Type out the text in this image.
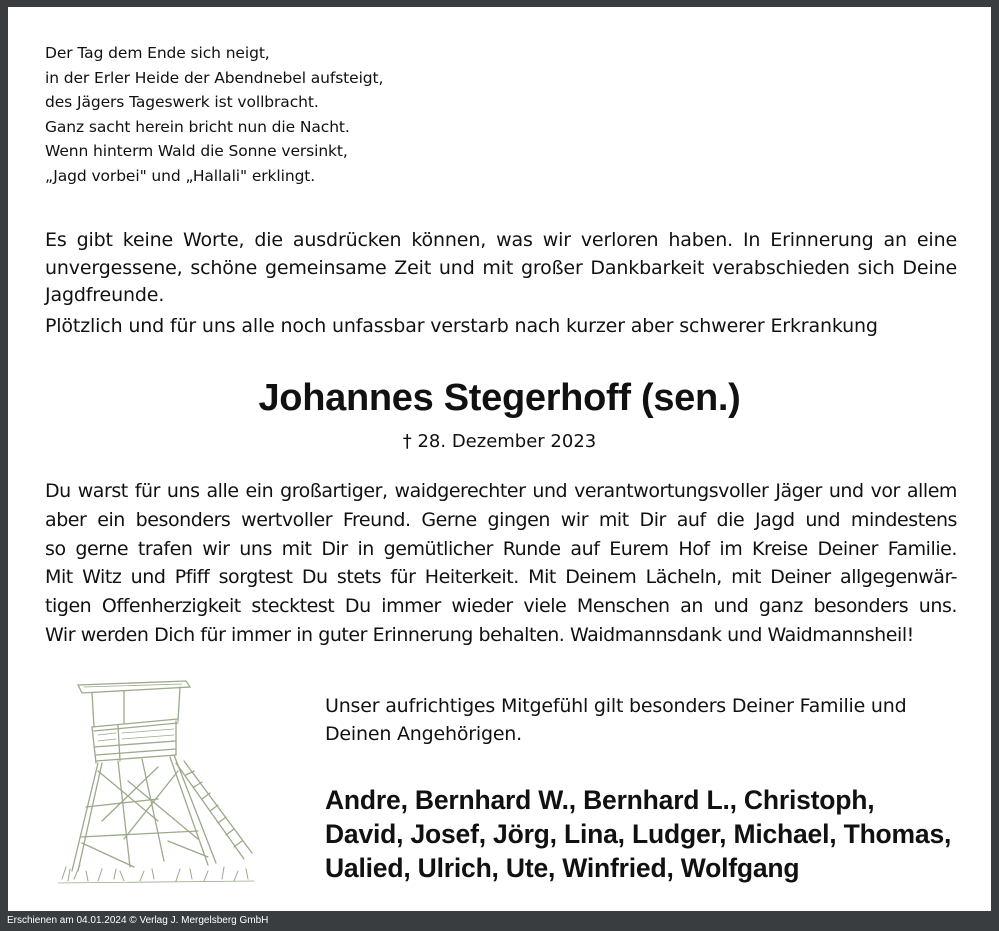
Der Tag dem Ende sich neigt,
in der Erler Heide der Abendnebel aufsteigt,
des Jägers Tageswerk ist vollbracht.
Ganz sacht herein bricht nun die Nacht.
Wenn hinterm Wald die Sonne versinkt,
„Jagd vorbei" und „Hallali" erklingt.

Es gibt keine Worte, die ausdrücken können, was wir verloren haben. In Erinnerung an eine unvergessene, schöne gemeinsame Zeit und mit großer Dankbarkeit verabschieden sich Deine Jagdfreunde.

Plötzlich und für uns alle noch unfassbar verstarb nach kurzer aber schwerer Erkrankung

Johannes Stegerhoff (sen.)
† 28. Dezember 2023
Du warst für uns alle ein großartiger, waidgerechter und verantwortungsvoller Jäger und vor allem
aber ein besonders wertvoller Freund. Gerne gingen wir mit Dir auf die Jagd und mindestens
so gerne trafen wir uns mit Dir in gemütlicher Runde auf Eurem Hof im Kreise Deiner Familie.
Mit Witz und Pfiff sorgtest Du stets für Heiterkeit. Mit Deinem Lächeln, mit Deiner allgegenwär-
tigen Offenherzigkeit stecktest Du immer wieder viele Menschen an und ganz besonders uns.
Wir werden Dich für immer in guter Erinnerung behalten. Waidmannsdank und Waidmannsheil!
Unser aufrichtiges Mitgefühl gilt besonders Deiner Familie und
Deinen Angehörigen.
Andre, Bernhard W., Bernhard L., Christoph,
David, Josef, Jörg, Lina, Ludger, Michael, Thomas,
Ualied, Ulrich, Ute, Winfried, Wolfgang
Erschienen am 04.01.2024 © Verlag J. Mergelsberg GmbH
